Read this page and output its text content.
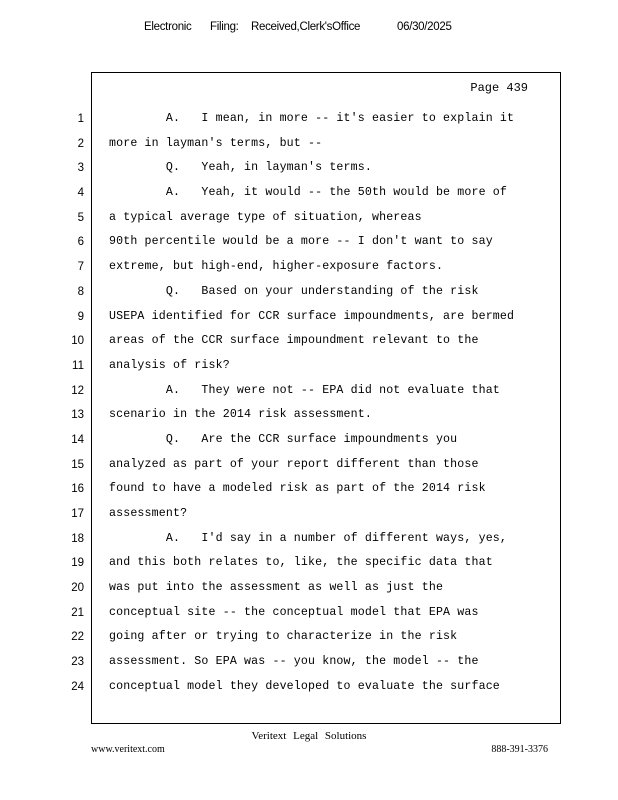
Electronic Filing: Received,Clerk'sOffice	06/30/2025
Page 439
1
2
3
4
5
6
7
8
9
10
11
12
13
14
15
16
17
18
19
20
21
22
23
24
A.   I mean, in more -- it's easier to explain it
more in layman's terms, but --
Q.   Yeah, in layman's terms.
A.   Yeah, it would -- the 50th would be more of
a typical average type of situation, whereas
90th percentile would be a more -- I don't want to say
extreme, but high-end, higher-exposure factors.
Q.   Based on your understanding of the risk
USEPA identified for CCR surface impoundments, are bermed
areas of the CCR surface impoundment relevant to the
analysis of risk?
A.   They were not -- EPA did not evaluate that
scenario in the 2014 risk assessment.
Q.   Are the CCR surface impoundments you
analyzed as part of your report different than those
found to have a modeled risk as part of the 2014 risk
assessment?
A.   I'd say in a number of different ways, yes,
and this both relates to, like, the specific data that
was put into the assessment as well as just the
conceptual site -- the conceptual model that EPA was
going after or trying to characterize in the risk
assessment. So EPA was -- you know, the model -- the
conceptual model they developed to evaluate the surface
Veritext Legal Solutions
www.veritext.com	888-391-3376
